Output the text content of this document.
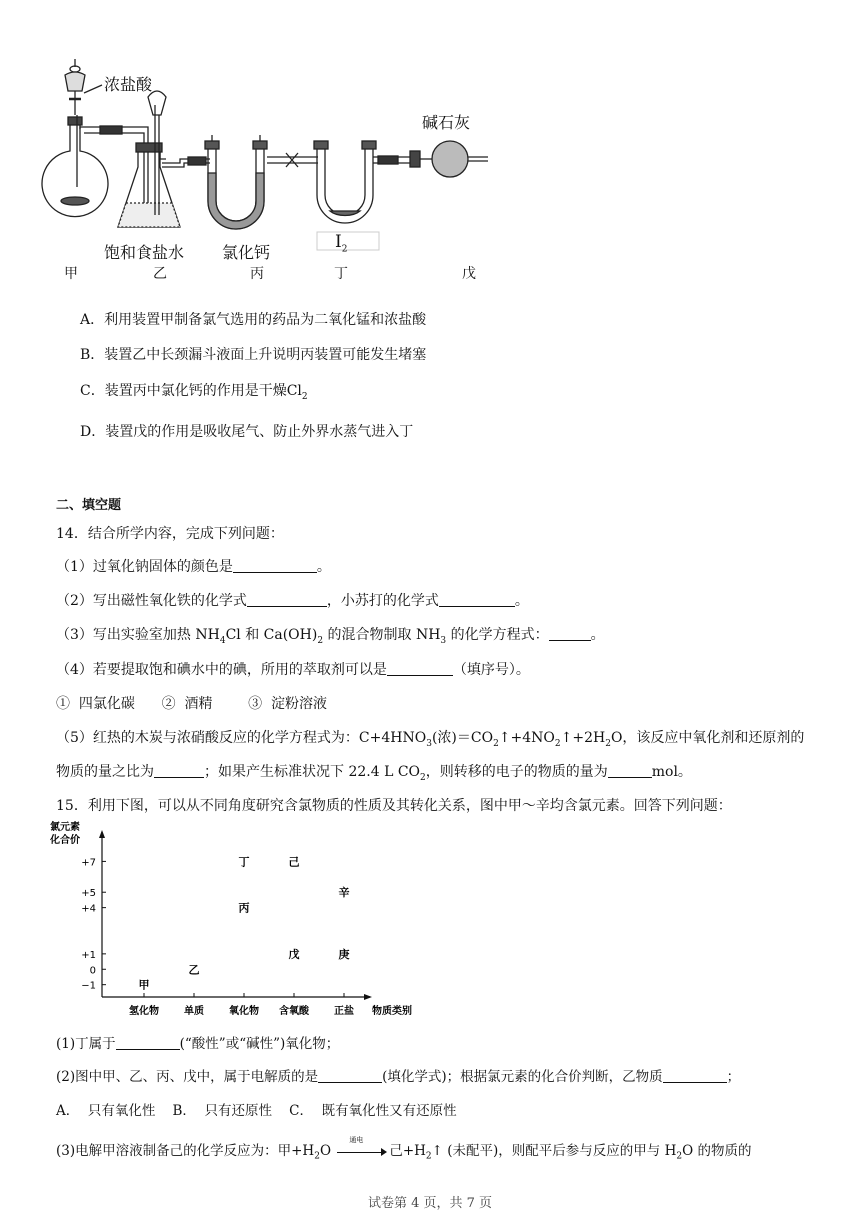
浓盐酸
碱石灰
饱和食盐水 氯化钙
$I_2$
甲	乙	丙	丁	戊
A．利用装置甲制备氯气选用的药品为二氧化锰和浓盐酸
B．装置乙中长颈漏斗液面上升说明丙装置可能发生堵塞
C．装置丙中氯化钙的作用是干燥$Cl_2$
D．装置戊的作用是吸收尾气、防止外界水蒸气进入丁
二、填空题
14．结合所学内容，完成下列问题：
（1）过氧化钠固体的颜色是	。
（2）写出磁性氧化铁的化学式	，小苏打的化学式	。
（3）写出实验室加热 $NH_4Cl$ 和 $Ca(OH)_2$ 的混合物制取 $NH_3$ 的化学方程式：	。
（4）若要提取饱和碘水中的碘，所用的萃取剂可以是	（填序号）。
①  四氯化碳      ②  酒精        ③  淀粉溶液
（5）红热的木炭与浓硝酸反应的化学方程式为：$C+4HNO_3$(浓)$=CO_2↑+4NO_2↑+2H_2O$，该反应中氧化剂和还原剂的
物质的量之比为	；如果产生标准状况下 22.4 L $CO_2$，则转移的电子的物质的量为	mol。
15．利用下图，可以从不同角度研究含氯物质的性质及其转化关系，图中甲～辛均含氯元素。回答下列问题：
氯元素
化合价
物质类别
+7
+5
+4
+1
0
−1
氢化物	单质	氧化物 含氧酸	正盐
甲
乙
丙
丁
戊
己
庚
辛
(1)丁属于	(“酸性”或“碱性”)氧化物；
(2)图中甲、乙、丙、戊中，属于电解质的是	(填化学式)；根据氯元素的化合价判断，乙物质	；
A．  只有氧化性    B．  只有还原性    C．  既有氧化性又有还原性
(3)电解甲溶液制备己的化学反应为：甲$+H_2O$
通电
己$+H_2↑$ (未配平)，则配平后参与反应的甲与 $H_2O$ 的物质的
试卷第 4 页，共 7 页
